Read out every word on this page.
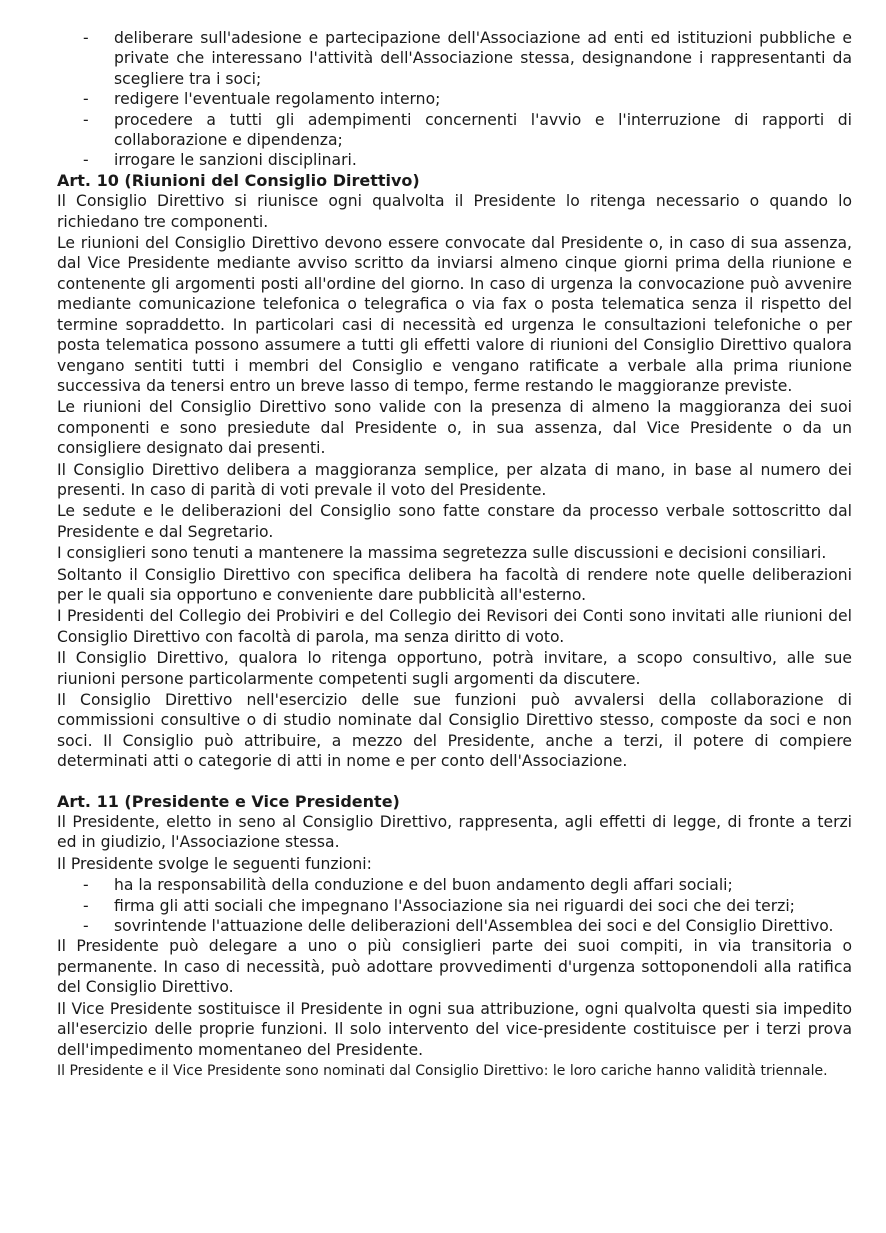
- deliberare sull'adesione e partecipazione dell'Associazione ad enti ed istituzioni pubbliche e private che interessano l'attività dell'Associazione stessa, designandone i rappresentanti da scegliere tra i soci;
- redigere l'eventuale regolamento interno;
- procedere a tutti gli adempimenti concernenti l'avvio e l'interruzione di rapporti di collaborazione e dipendenza;
- irrogare le sanzioni disciplinari.
Art. 10 (Riunioni del Consiglio Direttivo)

Il Consiglio Direttivo si riunisce ogni qualvolta il Presidente lo ritenga necessario o quando lo richiedano tre componenti.

Le riunioni del Consiglio Direttivo devono essere convocate dal Presidente o, in caso di sua assenza, dal Vice Presidente mediante avviso scritto da inviarsi almeno cinque giorni prima della riunione e contenente gli argomenti posti all'ordine del giorno. In caso di urgenza la convocazione può avvenire mediante comunicazione telefonica o telegrafica o via fax o posta telematica senza il rispetto del termine sopraddetto. In particolari casi di necessità ed urgenza le consultazioni telefoniche o per posta telematica possono assumere a tutti gli effetti valore di riunioni del Consiglio Direttivo qualora vengano sentiti tutti i membri del Consiglio e vengano ratificate a verbale alla prima riunione successiva da tenersi entro un breve lasso di tempo, ferme restando le maggioranze previste.

Le riunioni del Consiglio Direttivo sono valide con la presenza di almeno la maggioranza dei suoi componenti e sono presiedute dal Presidente o, in sua assenza, dal Vice Presidente o da un consigliere designato dai presenti.

Il Consiglio Direttivo delibera a maggioranza semplice, per alzata di mano, in base al numero dei presenti. In caso di parità di voti prevale il voto del Presidente.

Le sedute e le deliberazioni del Consiglio sono fatte constare da processo verbale sottoscritto dal Presidente e dal Segretario.

I consiglieri sono tenuti a mantenere la massima segretezza sulle discussioni e decisioni consiliari.

Soltanto il Consiglio Direttivo con specifica delibera ha facoltà di rendere note quelle deliberazioni per le quali sia opportuno e conveniente dare pubblicità all'esterno.

I Presidenti del Collegio dei Probiviri e del Collegio dei Revisori dei Conti sono invitati alle riunioni del Consiglio Direttivo con facoltà di parola, ma senza diritto di voto.

Il Consiglio Direttivo, qualora lo ritenga opportuno, potrà invitare, a scopo consultivo, alle sue riunioni persone particolarmente competenti sugli argomenti da discutere.

Il Consiglio Direttivo nell'esercizio delle sue funzioni può avvalersi della collaborazione di commissioni consultive o di studio nominate dal Consiglio Direttivo stesso, composte da soci e non soci. Il Consiglio può attribuire, a mezzo del Presidente, anche a terzi, il potere di compiere determinati atti o categorie di atti in nome e per conto dell'Associazione.

Art. 11 (Presidente e Vice Presidente)

Il Presidente, eletto in seno al Consiglio Direttivo, rappresenta, agli effetti di legge, di fronte a terzi ed in giudizio, l'Associazione stessa.

Il Presidente svolge le seguenti funzioni:

- ha la responsabilità della conduzione e del buon andamento degli affari sociali;
- firma gli atti sociali che impegnano l'Associazione sia nei riguardi dei soci che dei terzi;
- sovrintende l'attuazione delle deliberazioni dell'Assemblea dei soci e del Consiglio Direttivo.

Il Presidente può delegare a uno o più consiglieri parte dei suoi compiti, in via transitoria o permanente. In caso di necessità, può adottare provvedimenti d'urgenza sottoponendoli alla ratifica del Consiglio Direttivo.

Il Vice Presidente sostituisce il Presidente in ogni sua attribuzione, ogni qualvolta questi sia impedito all'esercizio delle proprie funzioni. Il solo intervento del vice-presidente costituisce per i terzi prova dell'impedimento momentaneo del Presidente.

Il Presidente e il Vice Presidente sono nominati dal Consiglio Direttivo: le loro cariche hanno validità triennale.
